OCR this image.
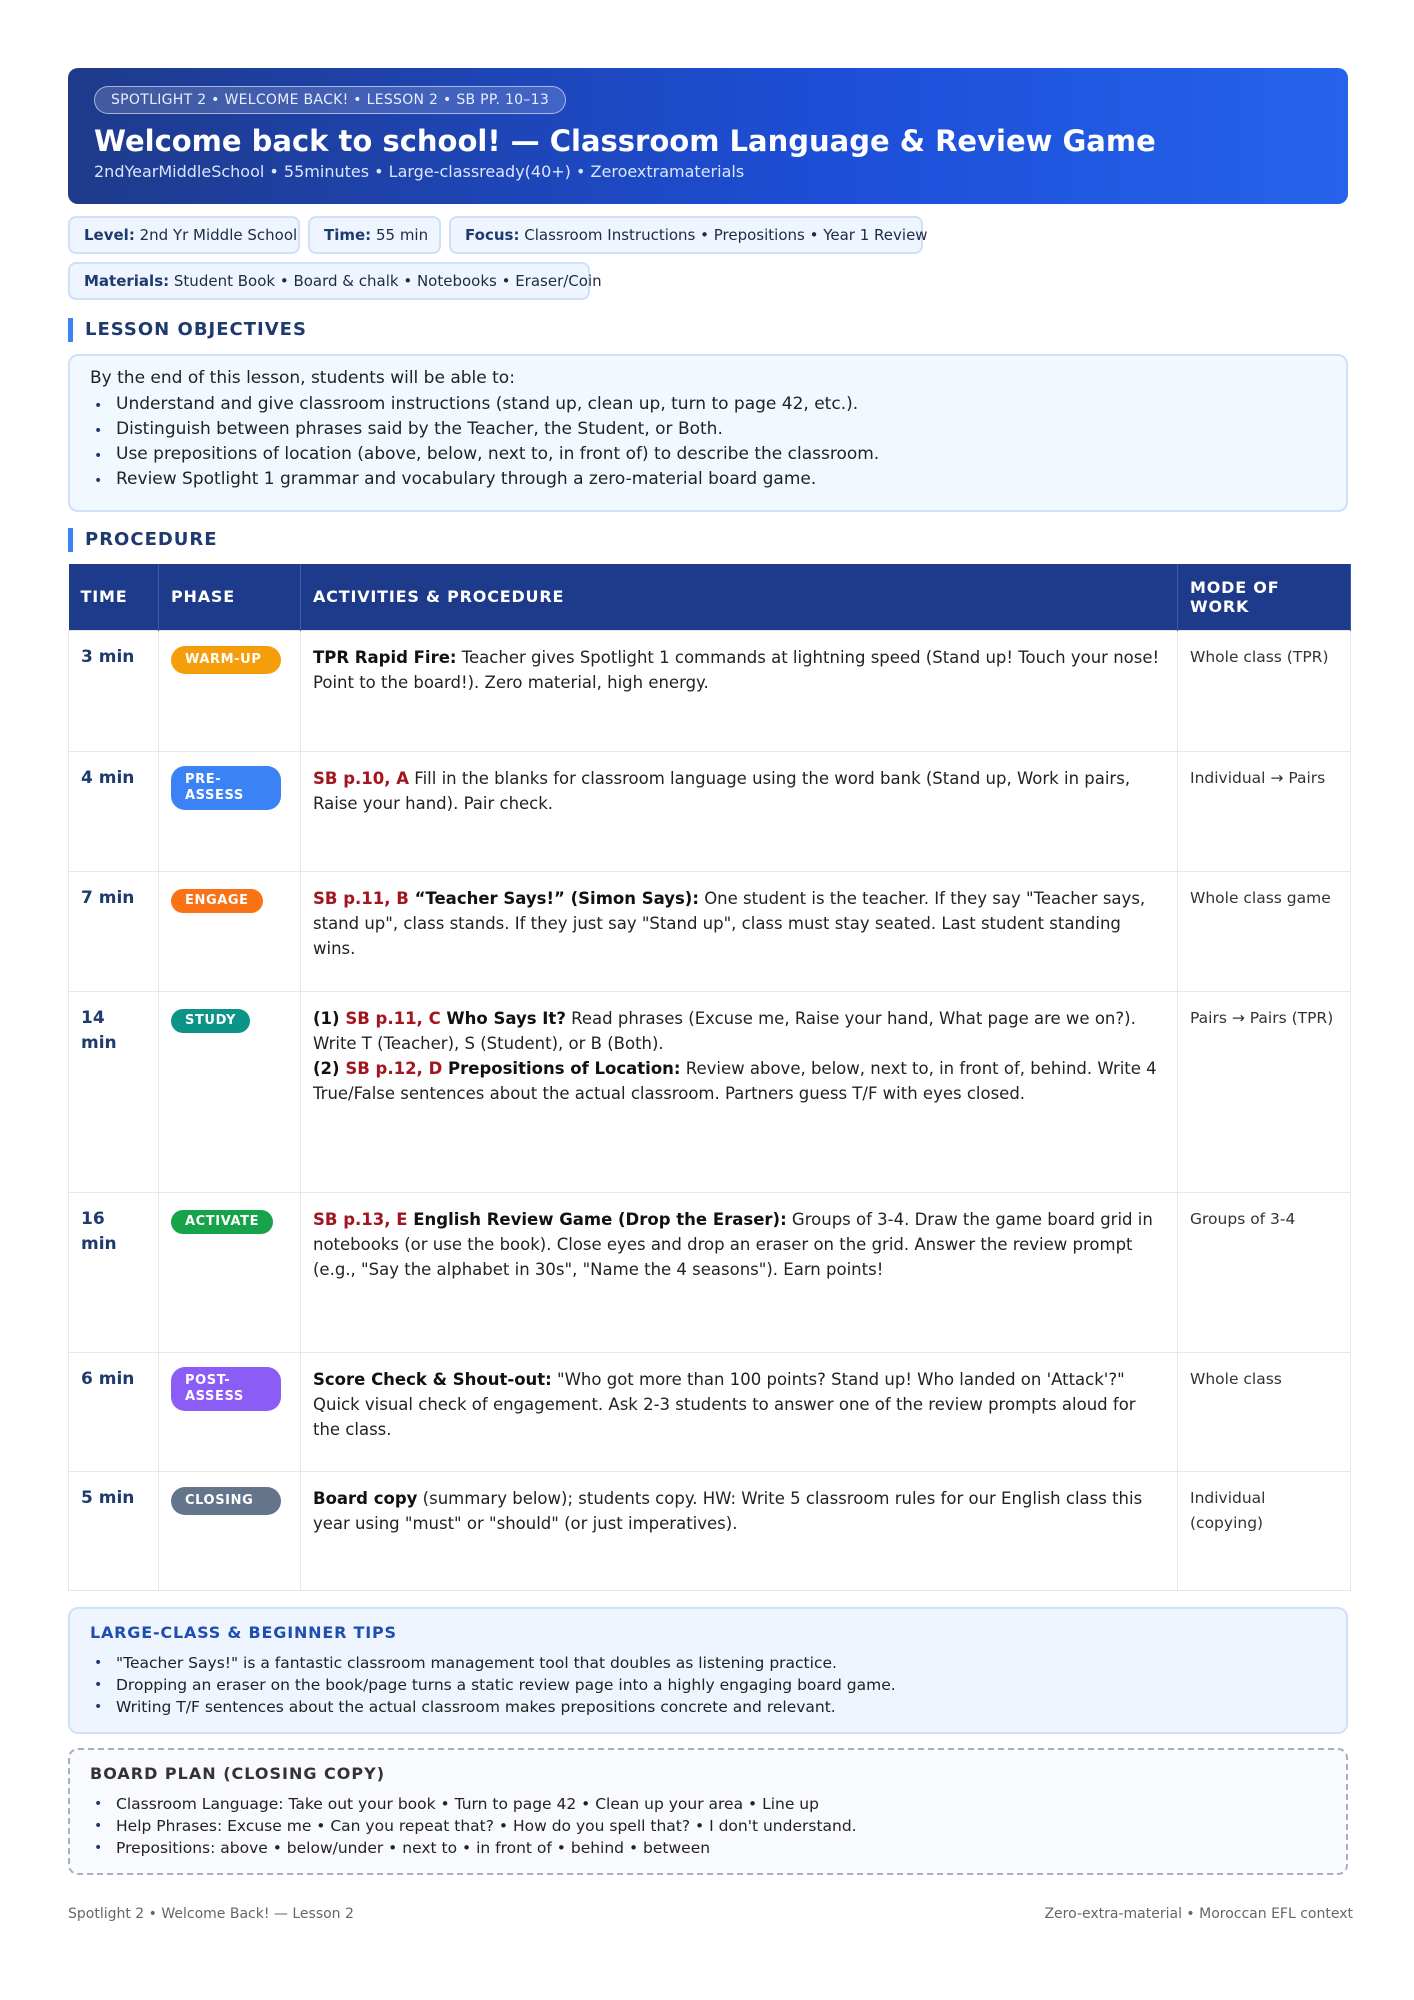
SPOTLIGHT 2 • WELCOME BACK! • LESSON 2 • SB PP. 10–13
Welcome back to school! — Classroom Language & Review Game
2ndYearMiddleSchool • 55minutes • Large-classready(40+) • Zeroextramaterials
Level: 2nd Yr Middle School	Time: 55 min	Focus: Classroom Instructions • Prepositions • Year 1 Review
Materials: Student Book • Board & chalk • Notebooks • Eraser/Coin
LESSON OBJECTIVES
By the end of this lesson, students will be able to:
• Understand and give classroom instructions (stand up, clean up, turn to page 42, etc.).
• Distinguish between phrases said by the Teacher, the Student, or Both.
• Use prepositions of location (above, below, next to, in front of) to describe the classroom.
• Review Spotlight 1 grammar and vocabulary through a zero-material board game.
PROCEDURE
TIME	PHASE	ACTIVITIES & PROCEDURE	MODE OF WORK
3 min	WARM-UP	TPR Rapid Fire: Teacher gives Spotlight 1 commands at lightning speed (Stand up! Touch your nose! Point to the board!). Zero material, high energy.	Whole class (TPR)
4 min	PRE-
ASSESS	SB p.10, A Fill in the blanks for classroom language using the word bank (Stand up, Work in pairs, Raise your hand). Pair check.	Individual → Pairs
7 min	ENGAGE	SB p.11, B “Teacher Says!” (Simon Says): One student is the teacher. If they say "Teacher says, stand up", class stands. If they just say "Stand up", class must stay seated. Last student standing wins.	Whole class game
14 min	STUDY	(1) SB p.11, C Who Says It? Read phrases (Excuse me, Raise your hand, What page are we on?). Write T (Teacher), S (Student), or B (Both).
(2) SB p.12, D Prepositions of Location: Review above, below, next to, in front of, behind. Write 4 True/False sentences about the actual classroom. Partners guess T/F with eyes closed.	Pairs → Pairs (TPR)
16 min	ACTIVATE	SB p.13, E English Review Game (Drop the Eraser): Groups of 3-4. Draw the game board grid in notebooks (or use the book). Close eyes and drop an eraser on the grid. Answer the review prompt (e.g., "Say the alphabet in 30s", "Name the 4 seasons"). Earn points!	Groups of 3-4
6 min	POST-
ASSESS	Score Check & Shout-out: "Who got more than 100 points? Stand up! Who landed on 'Attack'?" Quick visual check of engagement. Ask 2-3 students to answer one of the review prompts aloud for the class.	Whole class
5 min	CLOSING	Board copy (summary below); students copy. HW: Write 5 classroom rules for our English class this year using "must" or "should" (or just imperatives).	Individual (copying)
LARGE-CLASS & BEGINNER TIPS
• "Teacher Says!" is a fantastic classroom management tool that doubles as listening practice.
• Dropping an eraser on the book/page turns a static review page into a highly engaging board game.
• Writing T/F sentences about the actual classroom makes prepositions concrete and relevant.
BOARD PLAN (CLOSING COPY)
• Classroom Language: Take out your book • Turn to page 42 • Clean up your area • Line up
• Help Phrases: Excuse me • Can you repeat that? • How do you spell that? • I don't understand.
• Prepositions: above • below/under • next to • in front of • behind • between
Spotlight 2 • Welcome Back! — Lesson 2	Zero-extra-material • Moroccan EFL context
